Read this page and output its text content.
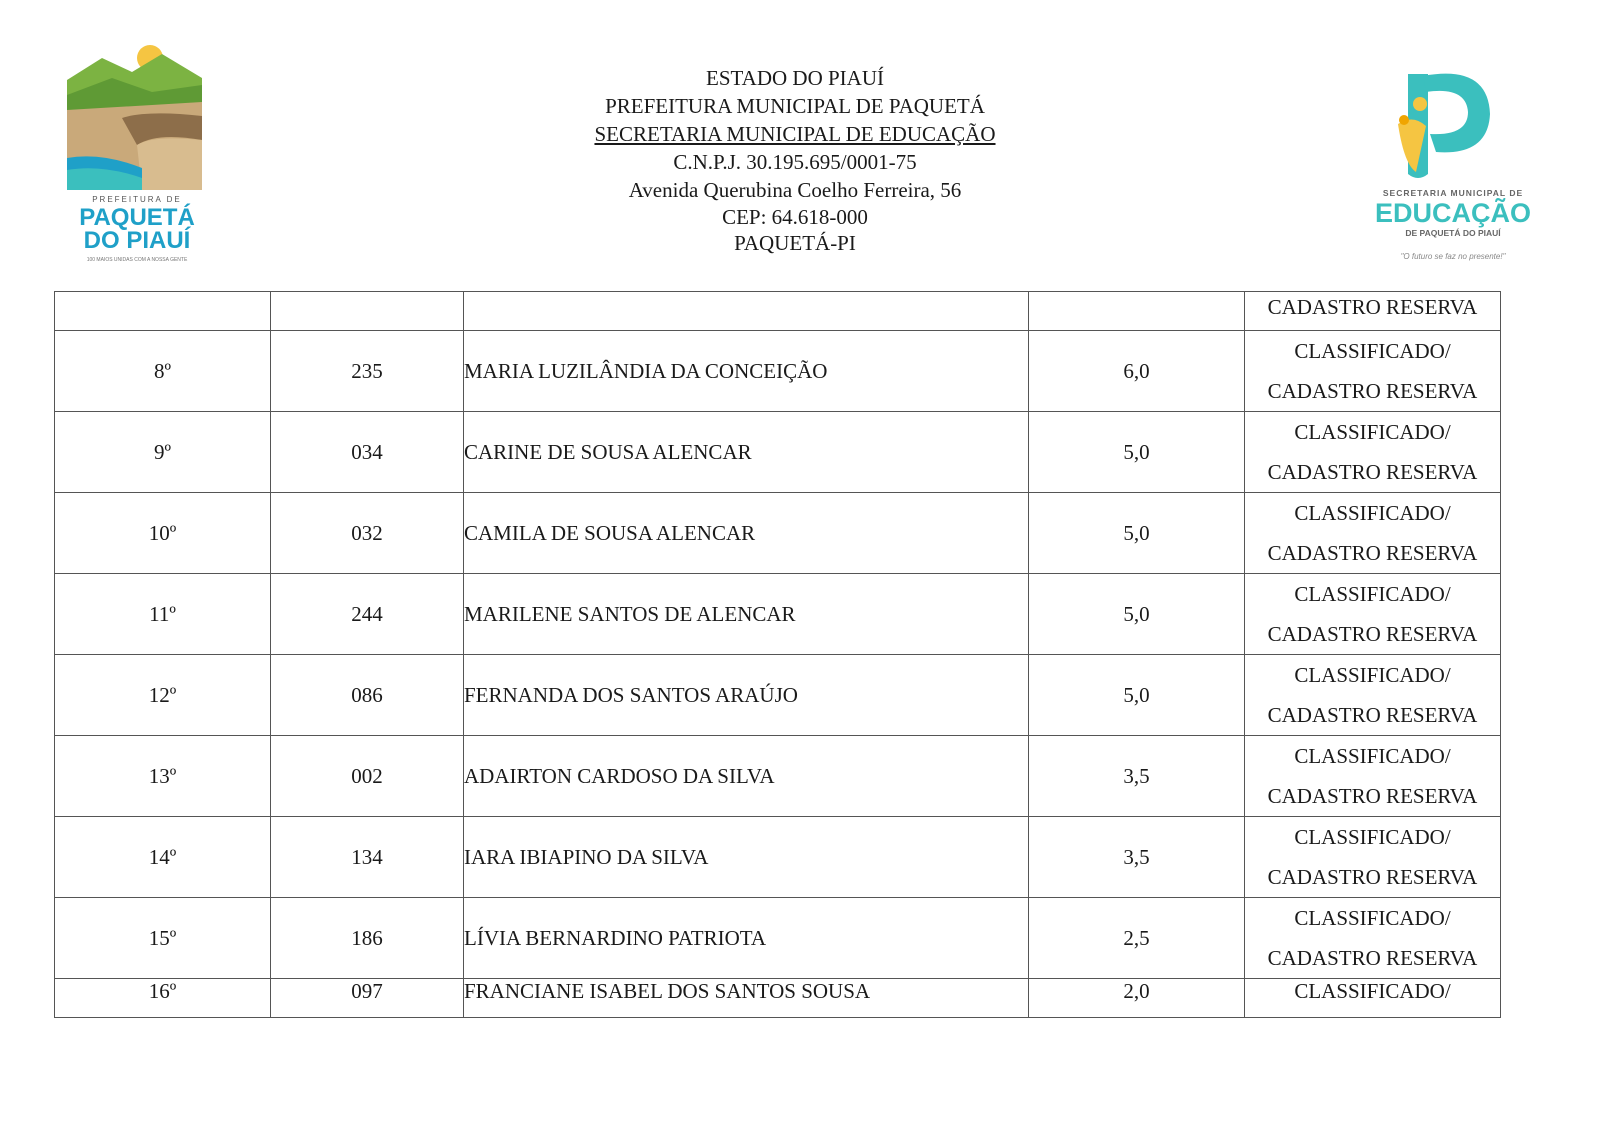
PREFEITURA DE
PAQUETÁ
DO PIAUÍ
100 MAIOS UNIDAS COM A NOSSA GENTE
ESTADO DO PIAUÍ
PREFEITURA MUNICIPAL DE PAQUETÁ
SECRETARIA MUNICIPAL DE EDUCAÇÃO
C.N.P.J. 30.195.695/0001-75
Avenida Querubina Coelho Ferreira, 56
CEP: 64.618-000
PAQUETÁ-PI
SECRETARIA MUNICIPAL DE
EDUCAÇÃO
DE PAQUETÁ DO PIAUÍ
"O futuro se faz no presente!"
				CADASTRO RESERVA
8º	235	MARIA LUZILÂNDIA DA CONCEIÇÃO	6,0	CLASSIFICADO/
CADASTRO RESERVA

9º	034	CARINE DE SOUSA ALENCAR	5,0	CLASSIFICADO/
CADASTRO RESERVA

10º	032	CAMILA DE SOUSA ALENCAR	5,0	CLASSIFICADO/
CADASTRO RESERVA

11º	244	MARILENE SANTOS DE ALENCAR	5,0	CLASSIFICADO/
CADASTRO RESERVA

12º	086	FERNANDA DOS SANTOS ARAÚJO	5,0	CLASSIFICADO/
CADASTRO RESERVA

13º	002	ADAIRTON CARDOSO DA SILVA	3,5	CLASSIFICADO/
CADASTRO RESERVA

14º	134	IARA IBIAPINO DA SILVA	3,5	CLASSIFICADO/
CADASTRO RESERVA

15º	186	LÍVIA BERNARDINO PATRIOTA	2,5	CLASSIFICADO/
CADASTRO RESERVA

16º	097	FRANCIANE ISABEL DOS SANTOS SOUSA	2,0	CLASSIFICADO/
